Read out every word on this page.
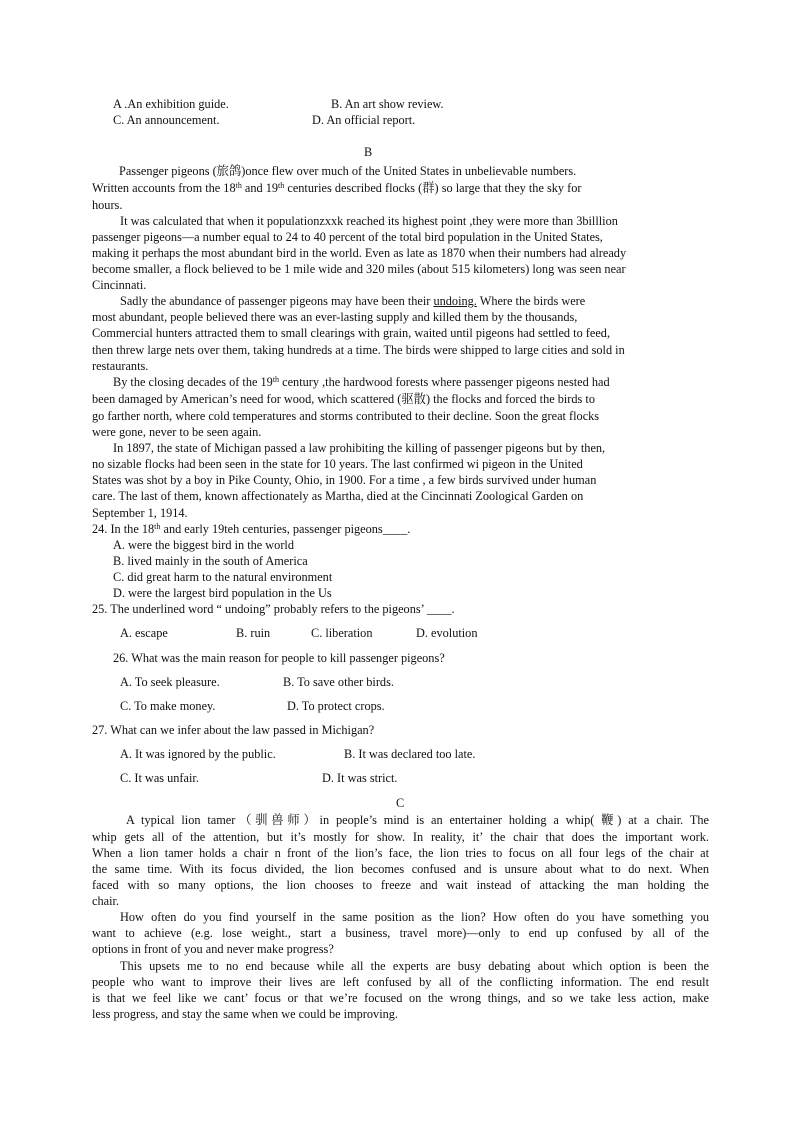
A .An exhibition guide.	B. An art show review.
C. An announcement.	D. An official report.
B
Passenger pigeons (旅鸽)once flew over much of the United States in unbelievable numbers.
Written accounts from the 18th and 19th centuries described flocks (群) so large that they the sky for
hours.
It was calculated that when it populationzxxk reached its highest point ,they were more than 3billlion
passenger pigeons—a number equal to 24 to 40 percent of the total bird population in the United States,
making it perhaps the most abundant bird in the world. Even as late as 1870 when their numbers had already
become smaller, a flock believed to be 1 mile wide and 320 miles (about 515 kilometers) long was seen near
Cincinnati.
Sadly the abundance of passenger pigeons may have been their undoing. Where the birds were
most abundant, people believed there was an ever-lasting supply and killed them by the thousands,
Commercial hunters attracted them to small clearings with grain, waited until pigeons had settled to feed,
then threw large nets over them, taking hundreds at a time. The birds were shipped to large cities and sold in
restaurants.
By the closing decades of the 19th century ,the hardwood forests where passenger pigeons nested had
been damaged by American’s need for wood, which scattered (驱散) the flocks and forced the birds to
go farther north, where cold temperatures and storms contributed to their decline. Soon the great flocks
were gone, never to be seen again.
In 1897, the state of Michigan passed a law prohibiting the killing of passenger pigeons but by then,
no sizable flocks had been seen in the state for 10 years. The last confirmed wi pigeon in the United
States was shot by a boy in Pike County, Ohio, in 1900. For a time , a few birds survived under human
care. The last of them, known affectionately as Martha, died at the Cincinnati Zoological Garden on
September 1, 1914.
24. In the 18th and early 19teh centuries, passenger pigeons____.
A. were the biggest bird in the world
B. lived mainly in the south of America
C. did great harm to the natural environment
D. were the largest bird population in the Us
25. The underlined word “ undoing” probably refers to the pigeons’ ____.
A. escape	B. ruin	C. liberation	D. evolution
26. What was the main reason for people to kill passenger pigeons?
A. To seek pleasure.	B. To save other birds.
C. To make money.	D. To protect crops.
27. What can we infer about the law passed in Michigan?
A. It was ignored by the public.	B. It was declared too late.
C. It was unfair.	D. It was strict.
C
A typical lion tamer（驯兽师）in people’s mind is an entertainer holding a whip( 鞭) at a chair. The
whip gets all of the attention, but it’s mostly for show. In reality, it’ the chair that does the important work.
When a lion tamer holds a chair n front of the lion’s face, the lion tries to focus on all four legs of the chair at
the same time. With its focus divided, the lion becomes confused and is unsure about what to do next. When
faced with so many options, the lion chooses to freeze and wait instead of attacking the man holding the
chair.
How often do you find yourself in the same position as the lion? How often do you have something you
want to achieve (e.g. lose weight., start a business, travel more)—only to end up confused by all of the
options in front of you and never make progress?
This upsets me to no end because while all the experts are busy debating about which option is been the
people who want to improve their lives are left confused by all of the conflicting information. The end result
is that we feel like we cant’ focus or that we’re focused on the wrong things, and so we take less action, make
less progress, and stay the same when we could be improving.
